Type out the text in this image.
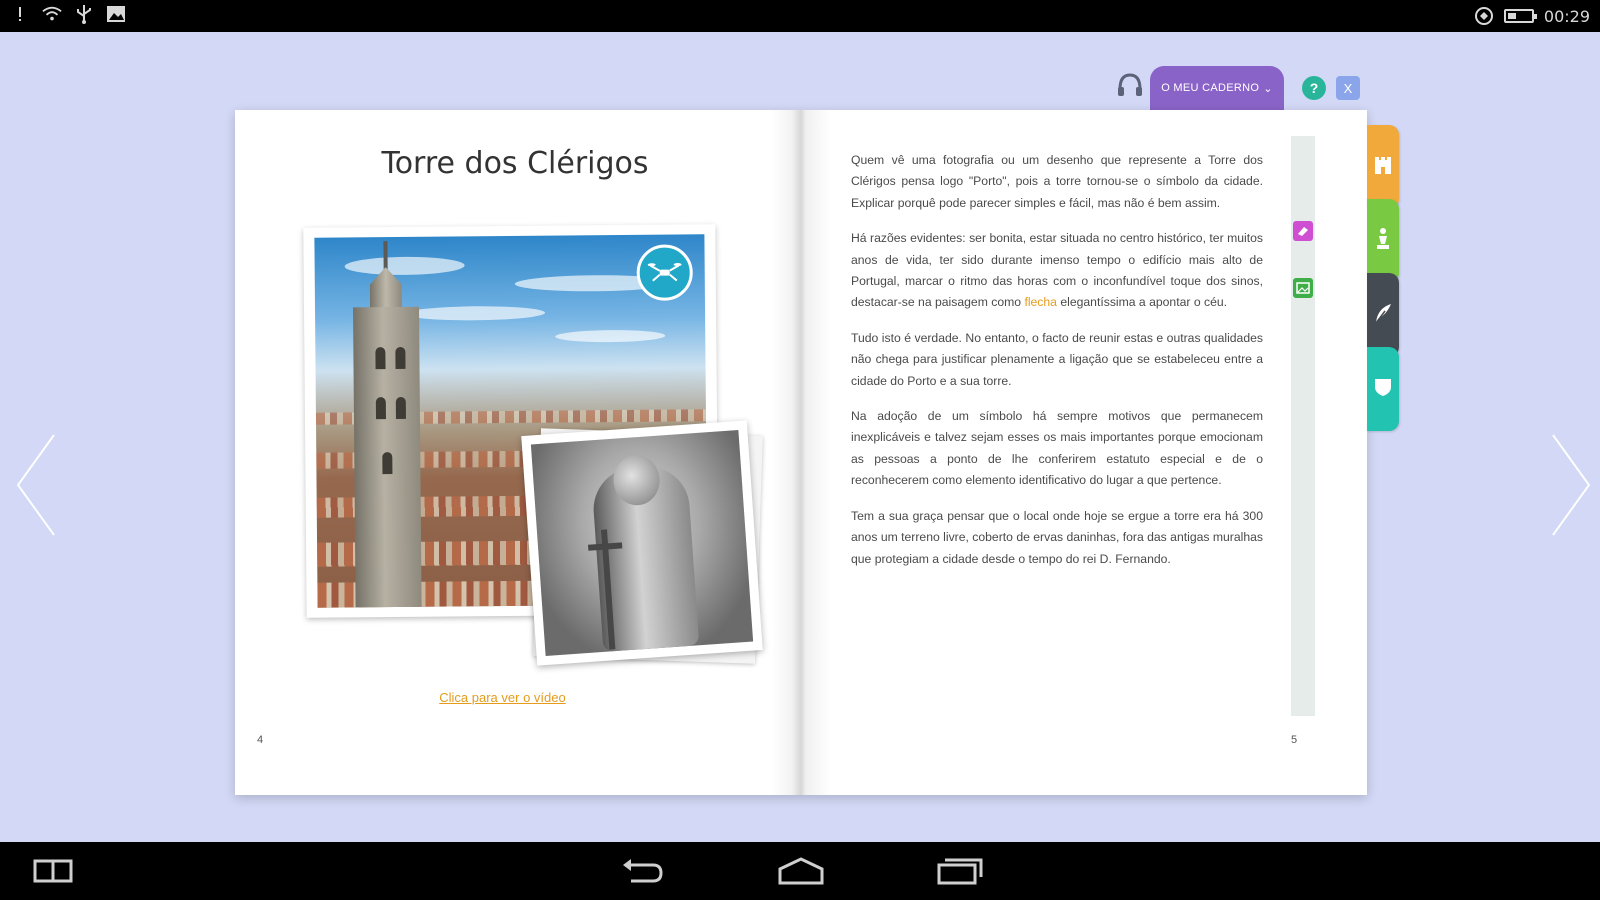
00:29
O MEU CADERNO ⌄	?	X
Torre dos Clérigos
Clica para ver o vídeo
4

Quem vê uma fotografia ou um desenho que represente a Torre dos Clérigos pensa logo "Porto", pois a torre tornou-se o símbolo da cidade. Explicar porquê pode parecer simples e fácil, mas não é bem assim.

Há razões evidentes: ser bonita, estar situada no centro histórico, ter muitos anos de vida, ter sido durante imenso tempo o edifício mais alto de Portugal, marcar o ritmo das horas com o inconfundível toque dos sinos, destacar-se na paisagem como flecha elegantíssima a apontar o céu.

Tudo isto é verdade. No entanto, o facto de reunir estas e outras qualidades não chega para justificar plenamente a ligação que se estabeleceu entre a cidade do Porto e a sua torre.

Na adoção de um símbolo há sempre motivos que permanecem inexplicáveis e talvez sejam esses os mais importantes porque emocionam as pessoas a ponto de lhe conferirem estatuto especial e de o reconhecerem como elemento identificativo do lugar a que pertence.

Tem a sua graça pensar que o local onde hoje se ergue a torre era há 300 anos um terreno livre, coberto de ervas daninhas, fora das antigas muralhas que protegiam a cidade desde o tempo do rei D. Fernando.

5
